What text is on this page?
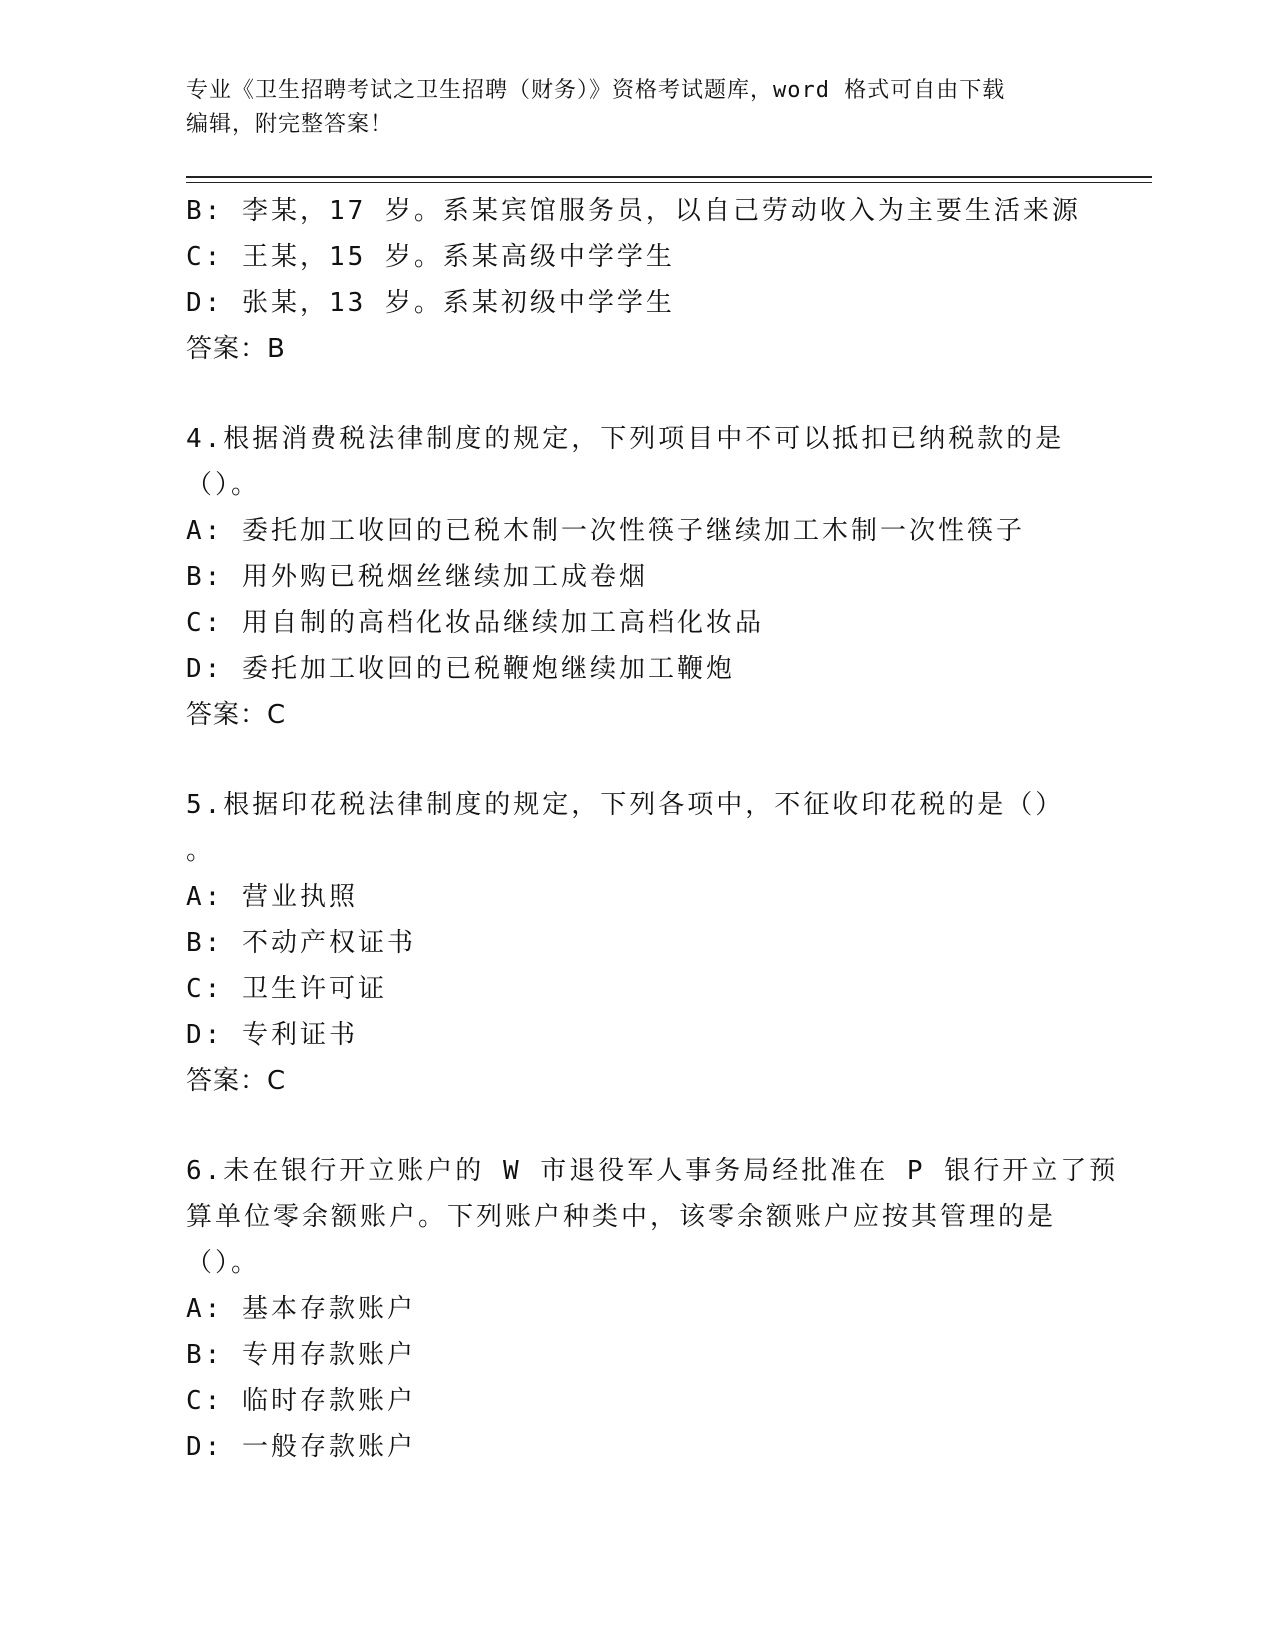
专业《卫生招聘考试之卫生招聘（财务）》资格考试题库，word 格式可自由下载
编辑，附完整答案！
B: 李某，17 岁。系某宾馆服务员，以自己劳动收入为主要生活来源
C: 王某，15 岁。系某高级中学学生
D: 张某，13 岁。系某初级中学学生
答案：B
4.根据消费税法律制度的规定，下列项目中不可以抵扣已纳税款的是
（）。
A: 委托加工收回的已税木制一次性筷子继续加工木制一次性筷子
B: 用外购已税烟丝继续加工成卷烟
C: 用自制的高档化妆品继续加工高档化妆品
D: 委托加工收回的已税鞭炮继续加工鞭炮
答案：C
5.根据印花税法律制度的规定，下列各项中，不征收印花税的是（）
。
A: 营业执照
B: 不动产权证书
C: 卫生许可证
D: 专利证书
答案：C
6.未在银行开立账户的 W 市退役军人事务局经批准在 P 银行开立了预
算单位零余额账户。下列账户种类中，该零余额账户应按其管理的是
（）。
A: 基本存款账户
B: 专用存款账户
C: 临时存款账户
D: 一般存款账户
